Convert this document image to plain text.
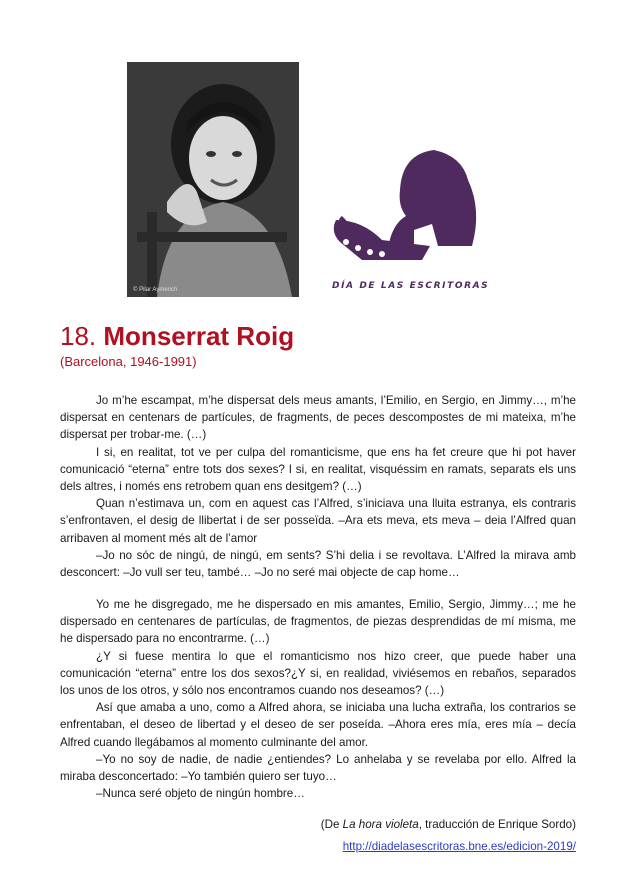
© Pilar Aymerich	DÍA DE LAS ESCRITORAS
18. Monserrat Roig
(Barcelona, 1946-1991)

Jo m’he escampat, m’he dispersat dels meus amants, l’Emilio, en Sergio, en Jimmy…, m’he dispersat en centenars de partícules, de fragments, de peces descompostes de mi mateixa, m’he dispersat per trobar-me. (…)

I si, en realitat, tot ve per culpa del romanticisme, que ens ha fet creure que hi pot haver comunicació “eterna” entre tots dos sexes? I si, en realitat, visquéssim en ramats, separats els uns dels altres, i només ens retrobem quan ens desitgem? (…)

Quan n’estimava un, com en aquest cas l’Alfred, s’iniciava una lluita estranya, els contraris s’enfrontaven, el desig de llibertat i de ser posseïda. –Ara ets meva, ets meva – deia l’Alfred quan arribaven al moment més alt de l’amor

–Jo no sóc de ningú, de ningú, em sents? S’hi delia i se revoltava. L’Alfred la mirava amb desconcert: –Jo vull ser teu, també… –Jo no seré mai objecte de cap home…

Yo me he disgregado, me he dispersado en mis amantes, Emilio, Sergio, Jimmy…; me he dispersado en centenares de partículas, de fragmentos, de piezas desprendidas de mí misma, me he dispersado para no encontrarme. (…)

¿Y si fuese mentira lo que el romanticismo nos hizo creer, que puede haber una comunicación “eterna” entre los dos sexos?¿Y si, en realidad, viviésemos en rebaños, separados los unos de los otros, y sólo nos encontramos cuando nos deseamos? (…)

Así que amaba a uno, como a Alfred ahora, se iniciaba una lucha extraña, los contrarios se enfrentaban, el deseo de libertad y el deseo de ser poseída. –Ahora eres mía, eres mía – decía Alfred cuando llegábamos al momento culminante del amor.

–Yo no soy de nadie, de nadie ¿entiendes? Lo anhelaba y se revelaba por ello. Alfred la miraba desconcertado: –Yo también quiero ser tuyo…

–Nunca seré objeto de ningún hombre…

(De La hora violeta, traducción de Enrique Sordo)
http://diadelasescritoras.bne.es/edicion-2019/
